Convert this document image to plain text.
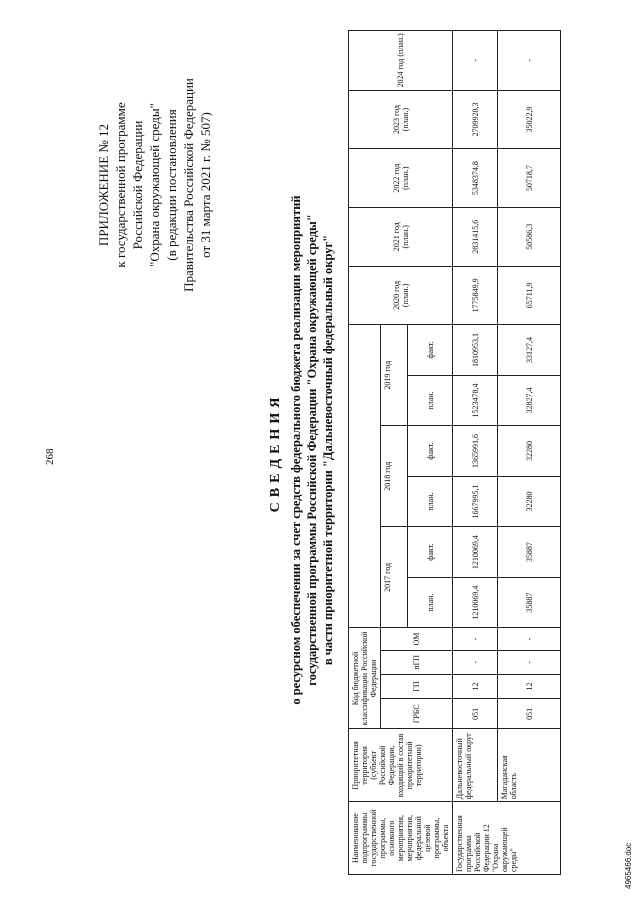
268
ПРИЛОЖЕНИЕ № 12 к государственной программе Российской Федерации "Охрана окружающей среды" (в редакции постановления Правительства Российской Федерации от 31 марта 2021 г. № 507)
СВЕДЕНИЯ о ресурсном обеспечении за счет средств федерального бюджета реализации мероприятий государственной программы Российской Федерации "Охрана окружающей среды" в части приоритетной территории "Дальневосточный федеральный округ"
Наименование подпрограммы государственной программы, основного мероприятия, мероприятия, федеральной целевой программы, объекта	Приоритетная территория (субъект Российской Федерации, входящий в состав приоритетной территории)	Код бюджетной классификации Российской Федерации										2020 год (план.)	2021 год (план.)	2022 год (план.)	2023 год (план.)	2024 год (план.)
		ГРБС	ГП	пГП	ОМ	2017 год		2018 год		2019 год						
						план.	факт.	план.	факт.	план.	факт.					
Государственная программа Российской Федерации 12 "Охрана окружающей среды"	Дальневосточный федеральный округ	051	12	-	-	1210069,4	1210069,4	1667995,1	1365991,6	1523478,4	1810953,1	1775849,9	2831415,6	5348374,8	2709928,3	-
	Магаданская область	051	12	-	-	35887	35887	32280	32280	32827,4	33127,4	65711,9	50586,3	50718,7	35022,9	-
4965466.doc
